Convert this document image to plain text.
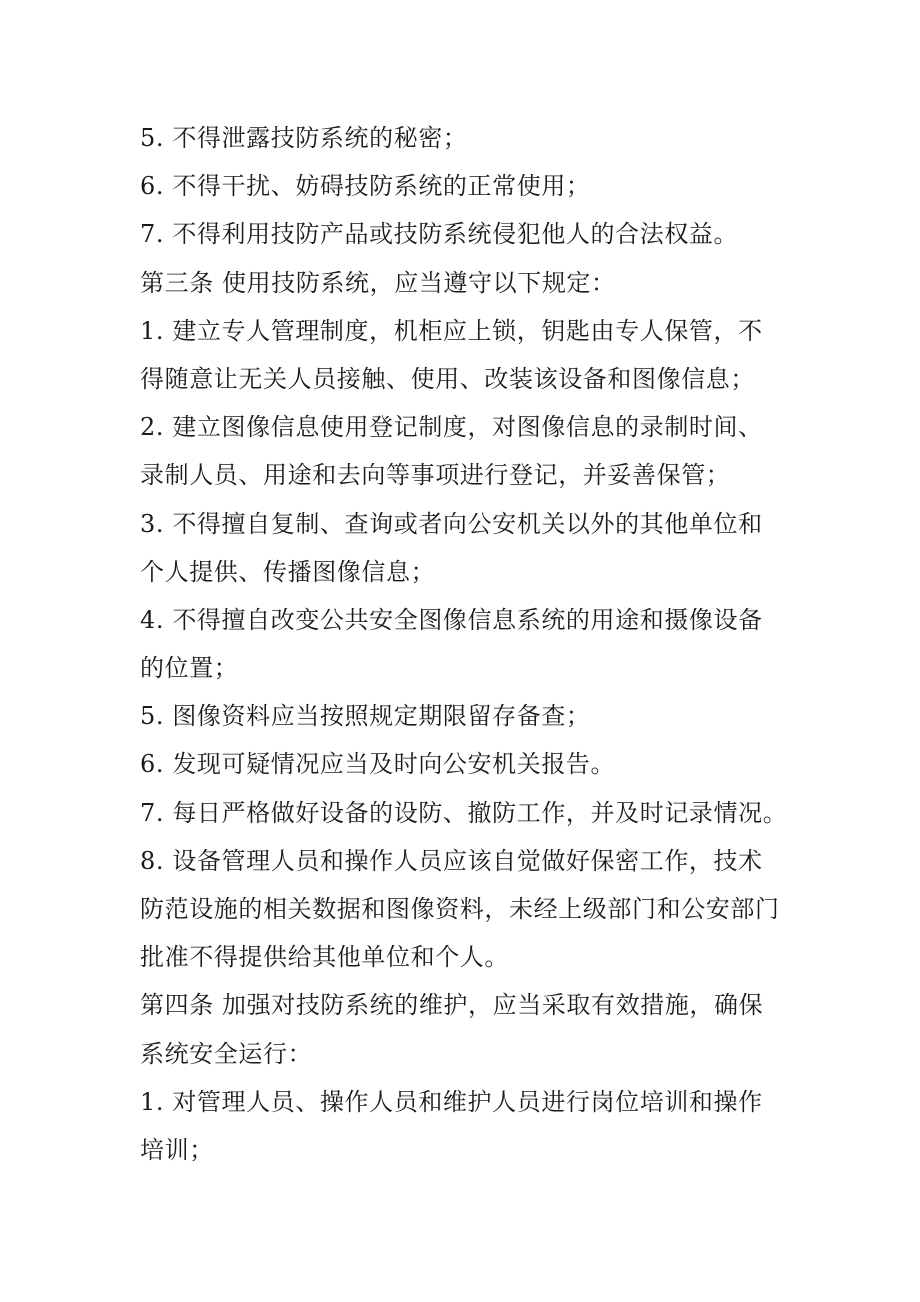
5. 不得泄露技防系统的秘密；
6. 不得干扰、妨碍技防系统的正常使用；
7. 不得利用技防产品或技防系统侵犯他人的合法权益。
第三条 使用技防系统，应当遵守以下规定：
1. 建立专人管理制度，机柜应上锁，钥匙由专人保管，不
得随意让无关人员接触、使用、改装该设备和图像信息；
2. 建立图像信息使用登记制度，对图像信息的录制时间、
录制人员、用途和去向等事项进行登记，并妥善保管；
3. 不得擅自复制、查询或者向公安机关以外的其他单位和
个人提供、传播图像信息；
4. 不得擅自改变公共安全图像信息系统的用途和摄像设备
的位置；
5. 图像资料应当按照规定期限留存备查；
6. 发现可疑情况应当及时向公安机关报告。
7. 每日严格做好设备的设防、撤防工作，并及时记录情况。
8. 设备管理人员和操作人员应该自觉做好保密工作，技术
防范设施的相关数据和图像资料，未经上级部门和公安部门
批准不得提供给其他单位和个人。
第四条 加强对技防系统的维护，应当采取有效措施，确保
系统安全运行：
1. 对管理人员、操作人员和维护人员进行岗位培训和操作
培训；
